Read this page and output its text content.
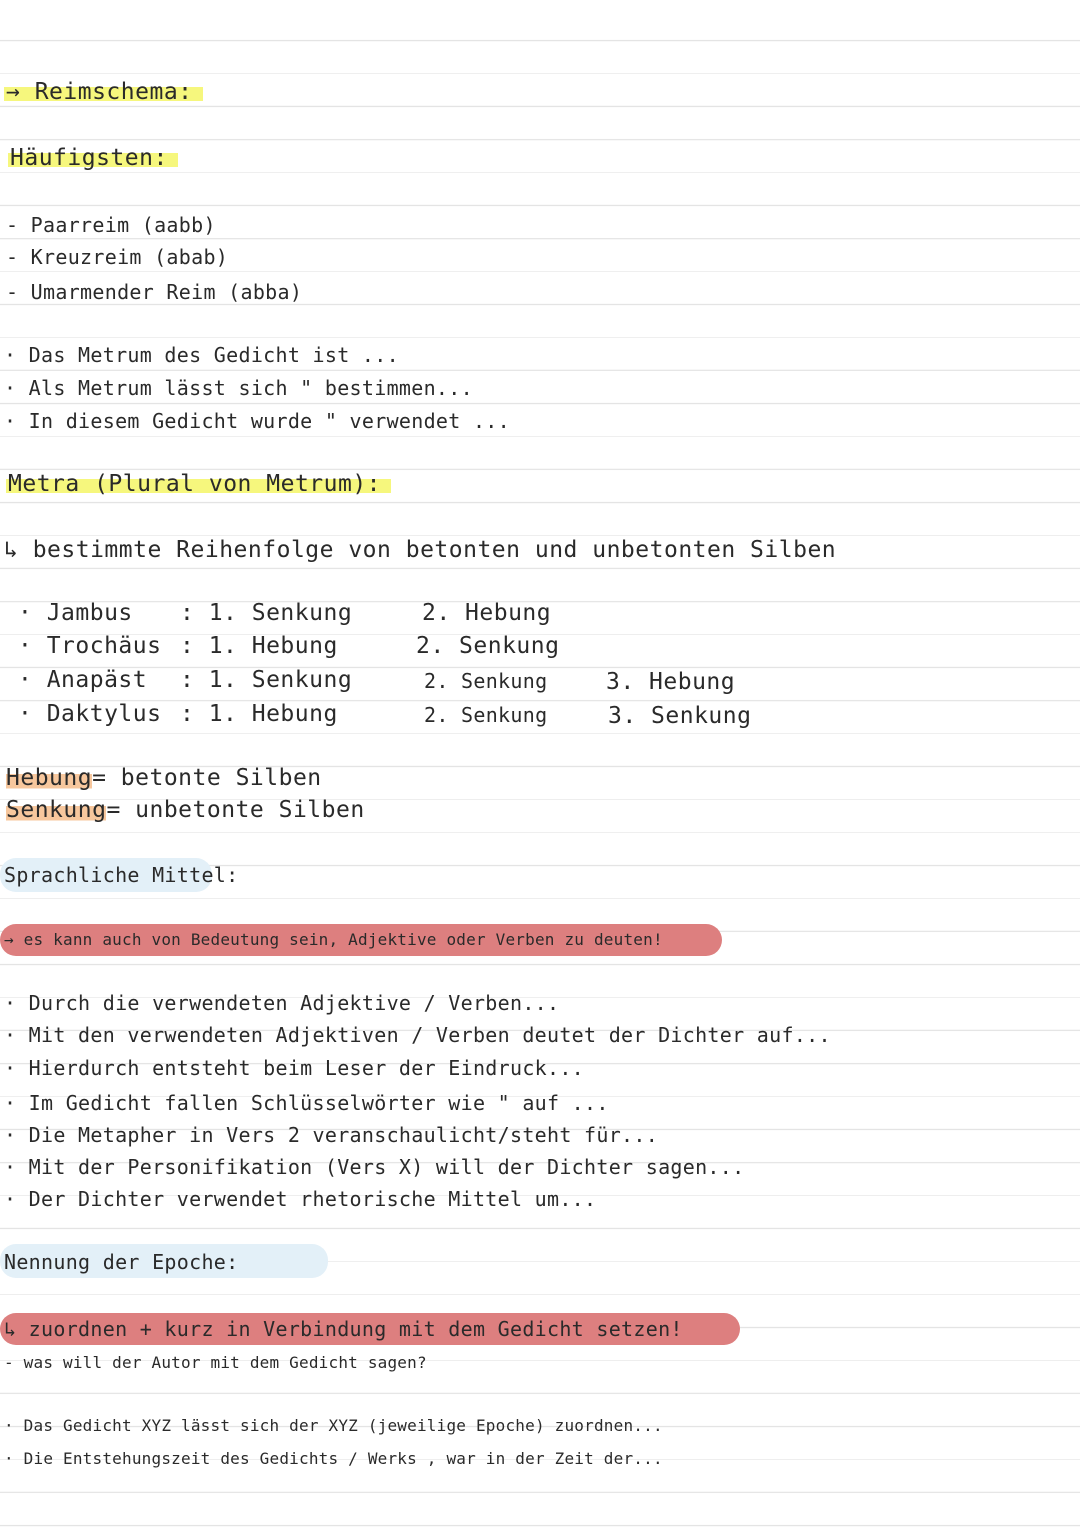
→ Reimschema:
Häufigsten:
- Paarreim (aabb)
- Kreuzreim (abab)
- Umarmender Reim (abba)
· Das Metrum des Gedicht ist ...
· Als Metrum lässt sich " bestimmen...
· In diesem Gedicht wurde " verwendet ...
Metra (Plural von Metrum):
↳ bestimmte Reihenfolge von betonten und unbetonten Silben
· Jambus : 1. Senkung	2. Hebung
· Trochäus : 1. Hebung	2. Senkung
· Anapäst : 1. Senkung	2. Senkung	3. Hebung
· Daktylus : 1. Hebung	2. Senkung	3. Senkung
Hebung= betonte Silben
Senkung= unbetonte Silben
Sprachliche Mittel:
→ es kann auch von Bedeutung sein, Adjektive oder Verben zu deuten!
· Durch die verwendeten Adjektive / Verben...
· Mit den verwendeten Adjektiven / Verben deutet der Dichter auf...
· Hierdurch entsteht beim Leser der Eindruck...
· Im Gedicht fallen Schlüsselwörter wie " auf ...
· Die Metapher in Vers 2 veranschaulicht/steht für...
· Mit der Personifikation (Vers X) will der Dichter sagen...
· Der Dichter verwendet rhetorische Mittel um...
Nennung der Epoche:
↳ zuordnen + kurz in Verbindung mit dem Gedicht setzen!
- was will der Autor mit dem Gedicht sagen?
· Das Gedicht XYZ lässt sich der XYZ (jeweilige Epoche) zuordnen...
· Die Entstehungszeit des Gedichts / Werks , war in der Zeit der...
